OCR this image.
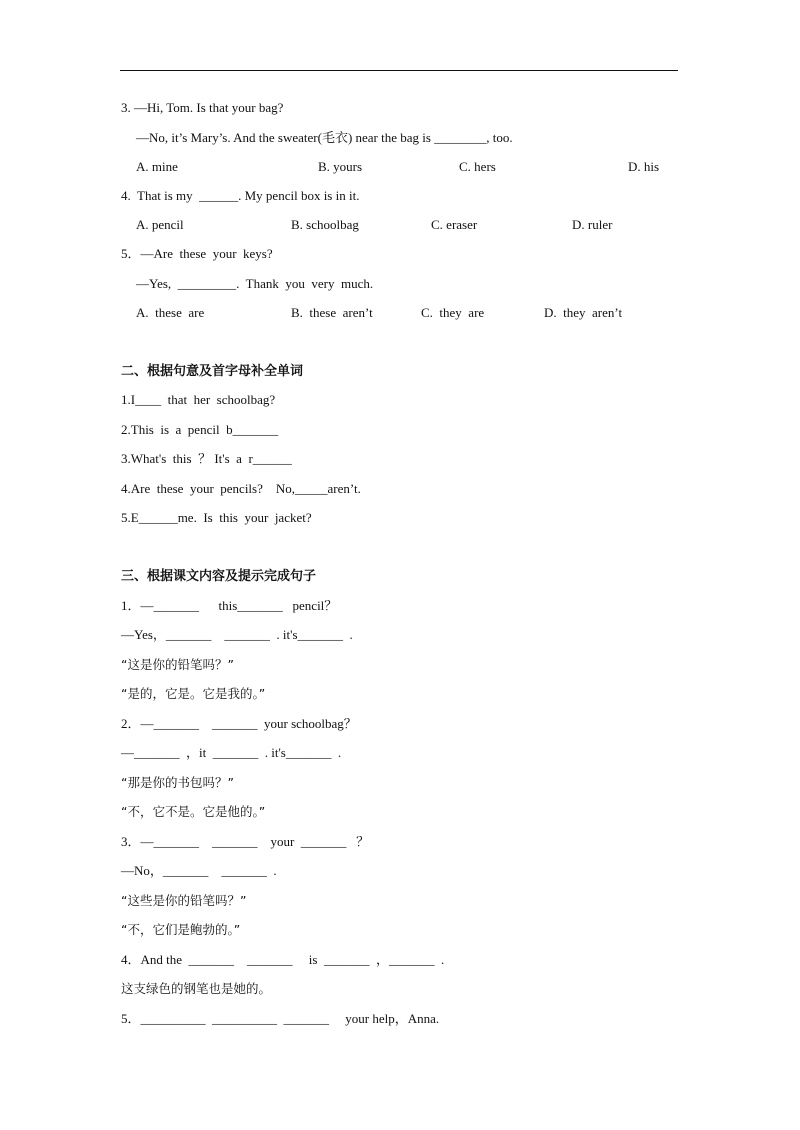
3. —Hi, Tom. Is that your bag?
—No, it’s Mary’s. And the sweater(毛衣) near the bag is ________, too.
A. mine	B. yours	C. hers	D. his
4.  That is my  ______. My pencil box is in it.
A. pencil	B. schoolbag	C. eraser	D. ruler
5．—Are  these  your  keys?
—Yes,  _________.  Thank  you  very  much.
A.  these  are	B.  these  aren’t	C.  they  are	D.  they  aren’t
二、根据句意及首字母补全单词
1.I____  that  her  schoolbag?
2.This  is  a  pencil  b_______
3.What's  this  ？ It's  a  r______
4.Are  these  your  pencils?    No,_____aren’t.
5.E______me.  Is  this  your  jacket?
三、根据课文内容及提示完成句子
1．—_______      this_______   pencil？
—Yes，_______    _______  . it's_______  .
“这是你的铅笔吗？”
“是的，它是。它是我的。”
2．—_______    _______  your schoolbag？
—_______  ，it  _______  . it's_______  .
“那是你的书包吗？”
“不，它不是。它是他的。”
3．—_______    _______    your  _______   ？
—No，_______    _______  .
“这些是你的铅笔吗？”
“不，它们是鲍勃的。”
4．And the  _______    _______     is  _______  ，_______  .
这支绿色的钢笔也是她的。
5．__________  __________  _______     your help，Anna.
